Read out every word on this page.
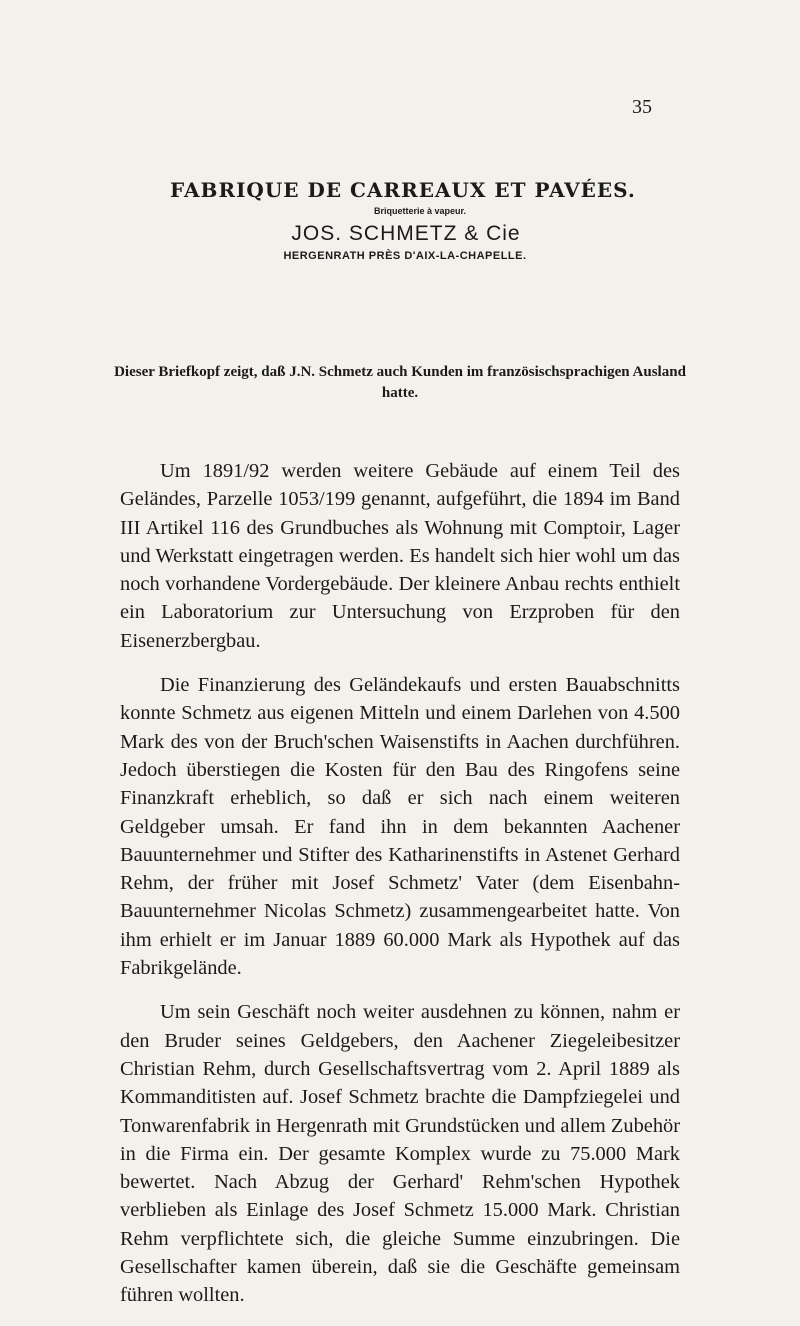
35
FABRIQUE DE CARREAUX ET PAVÉES.
Briquetterie à vapeur.
JOS. SCHMETZ & Cie
HERGENRATH PRÈS D'AIX-LA-CHAPELLE.
Dieser Briefkopf zeigt, daß J.N. Schmetz auch Kunden im französischsprachigen Ausland hatte.

Um 1891/92 werden weitere Gebäude auf einem Teil des Geländes, Parzelle 1053/199 genannt, aufgeführt, die 1894 im Band III Artikel 116 des Grundbuches als Wohnung mit Comptoir, Lager und Werkstatt eingetragen werden. Es handelt sich hier wohl um das noch vorhandene Vordergebäude. Der kleinere Anbau rechts enthielt ein Laboratorium zur Untersuchung von Erzproben für den Eisenerzbergbau.

Die Finanzierung des Geländekaufs und ersten Bauabschnitts konnte Schmetz aus eigenen Mitteln und einem Darlehen von 4.500 Mark des von der Bruch'schen Waisenstifts in Aachen durchführen. Jedoch überstiegen die Kosten für den Bau des Ringofens seine Finanzkraft erheblich, so daß er sich nach einem weiteren Geldgeber umsah. Er fand ihn in dem bekannten Aachener Bauunternehmer und Stifter des Katharinenstifts in Astenet Gerhard Rehm, der früher mit Josef Schmetz' Vater (dem Eisenbahn-Bauunternehmer Nicolas Schmetz) zusammengearbeitet hatte. Von ihm erhielt er im Januar 1889 60.000 Mark als Hypothek auf das Fabrikgelände.

Um sein Geschäft noch weiter ausdehnen zu können, nahm er den Bruder seines Geldgebers, den Aachener Ziegeleibesitzer Christian Rehm, durch Gesellschaftsvertrag vom 2. April 1889 als Kommanditisten auf. Josef Schmetz brachte die Dampfziegelei und Tonwarenfabrik in Hergenrath mit Grundstücken und allem Zubehör in die Firma ein. Der gesamte Komplex wurde zu 75.000 Mark bewertet. Nach Abzug der Gerhard' Rehm'schen Hypothek verblieben als Einlage des Josef Schmetz 15.000 Mark. Christian Rehm verpflichtete sich, die gleiche Summe einzubringen. Die Gesellschafter kamen überein, daß sie die Geschäfte gemeinsam führen wollten.
